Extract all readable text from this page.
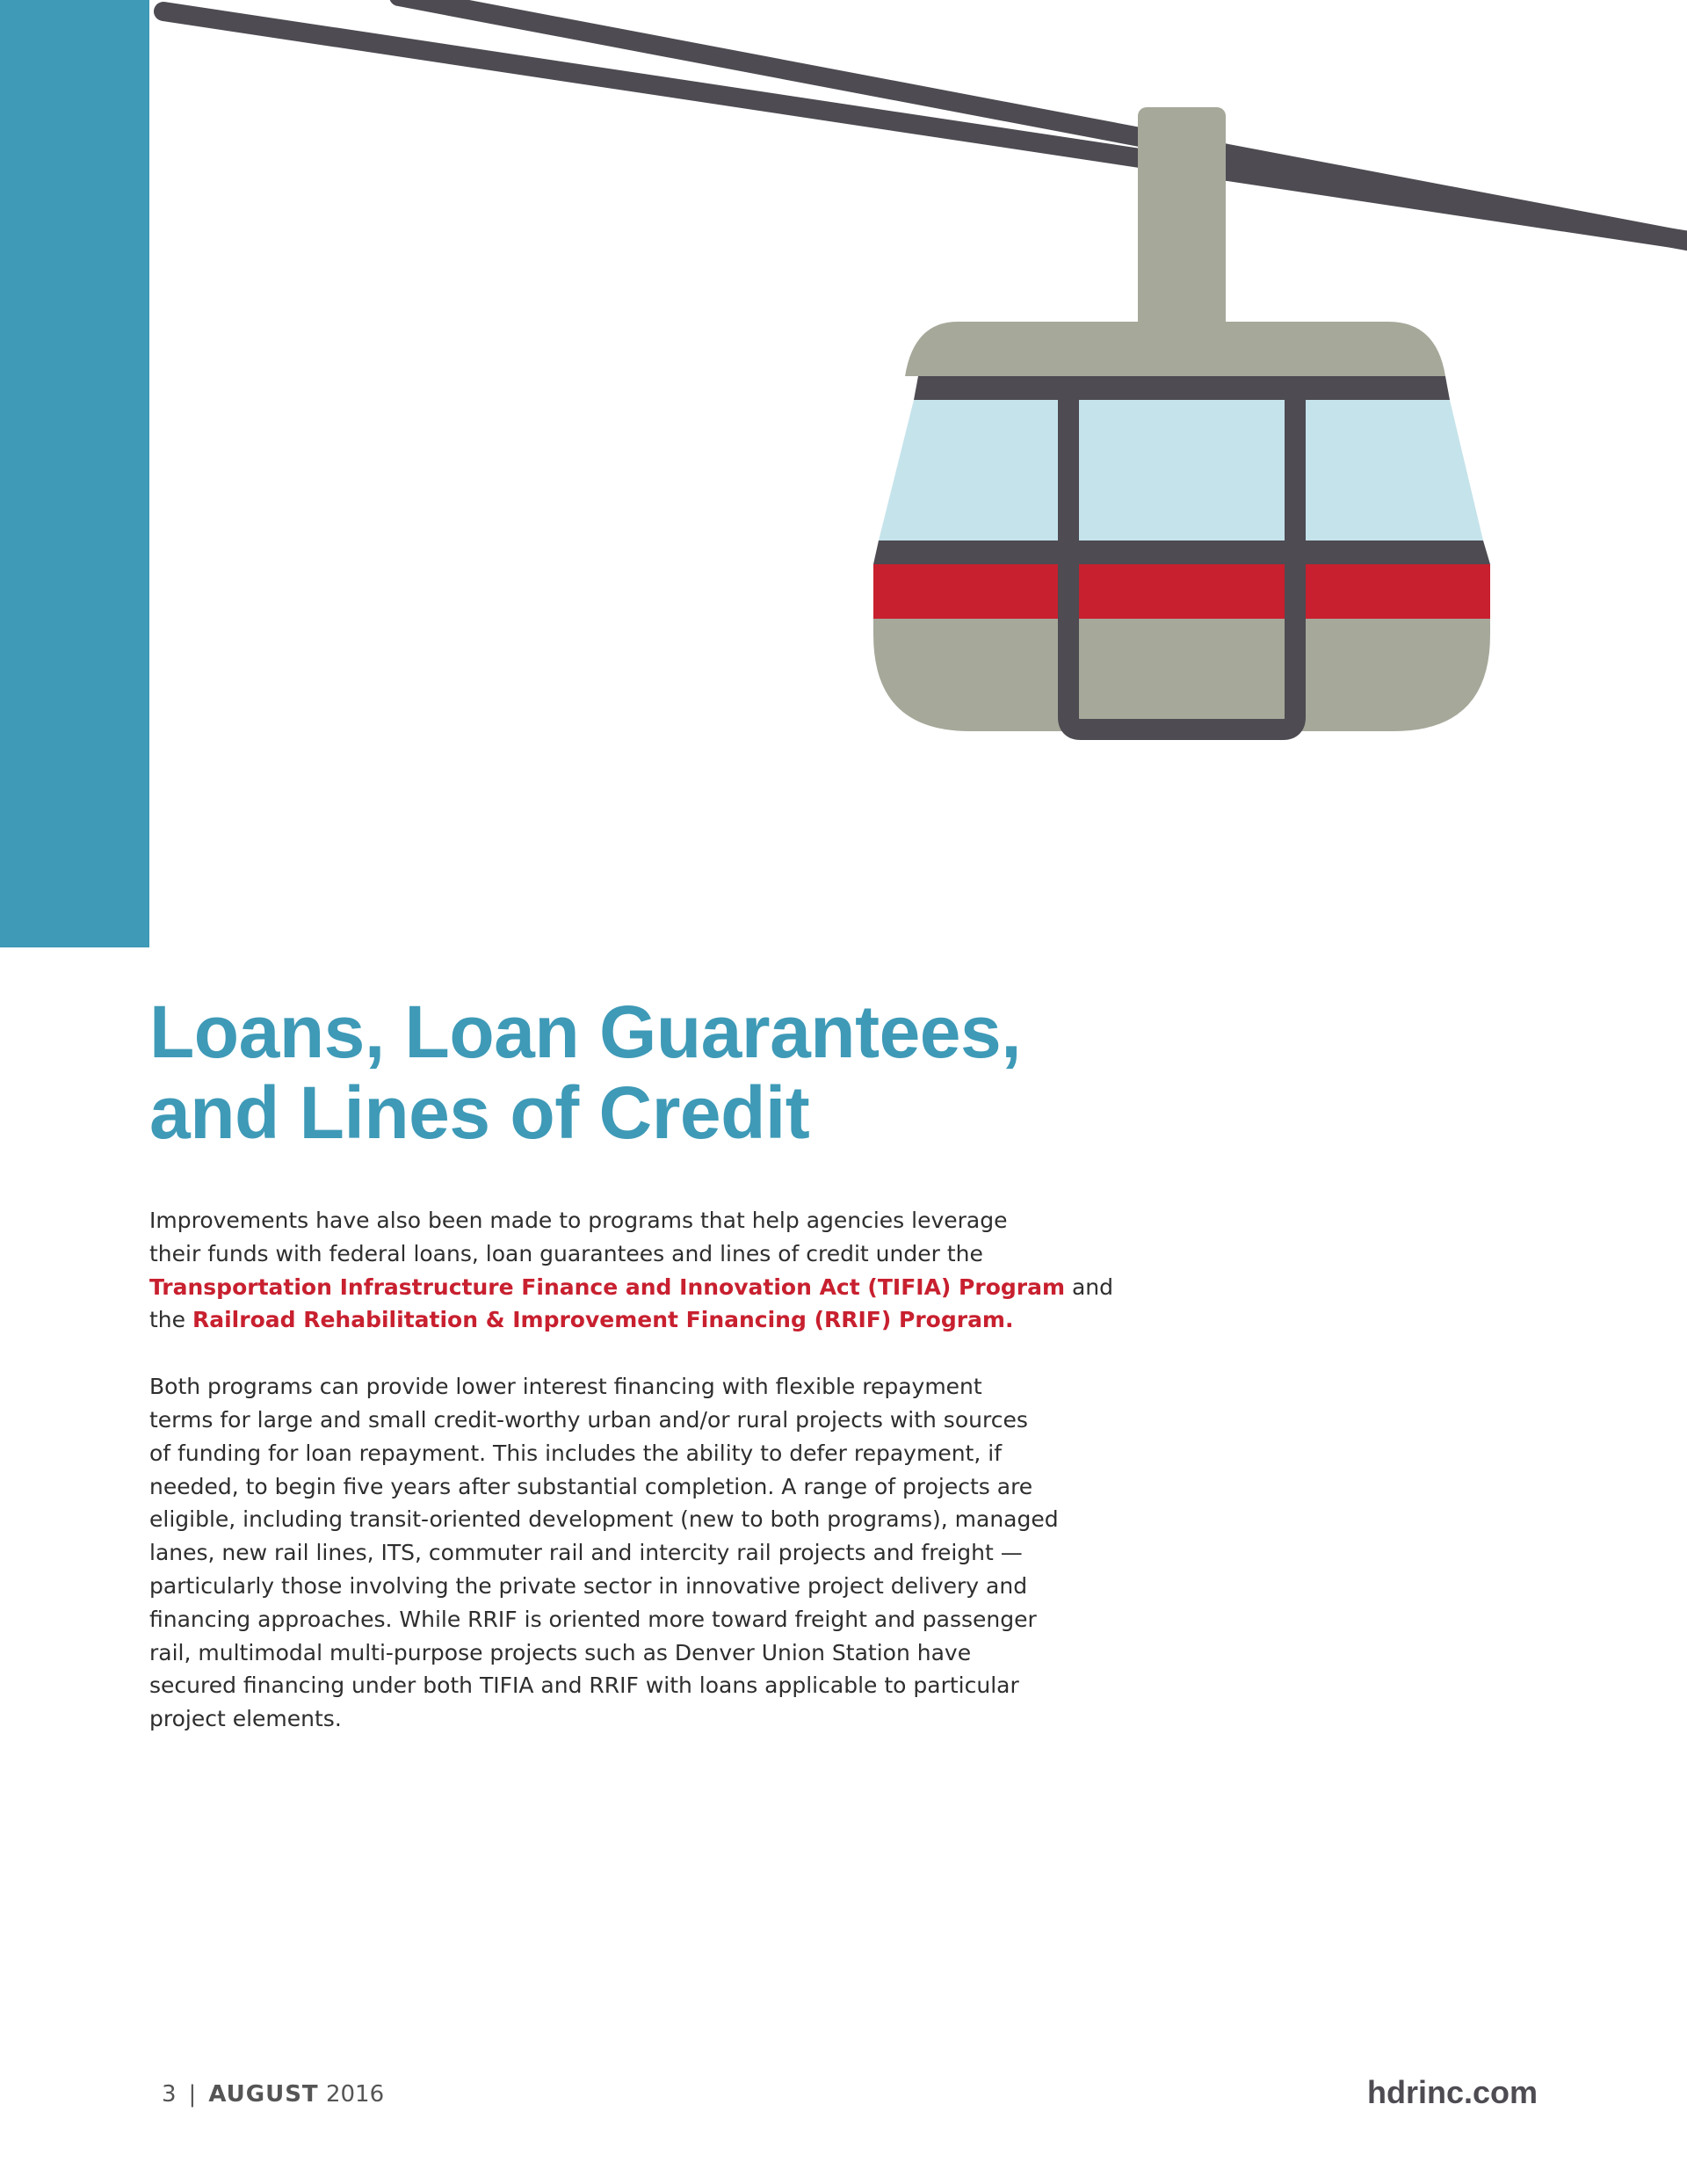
Loans, Loan Guarantees,
and Lines of Credit

Improvements have also been made to programs that help agencies leverage
their funds with federal loans, loan guarantees and lines of credit under the
Transportation Infrastructure Finance and Innovation Act (TIFIA) Program and
the Railroad Rehabilitation & Improvement Financing (RRIF) Program.

Both programs can provide lower interest financing with flexible repayment
terms for large and small credit-worthy urban and/or rural projects with sources
of funding for loan repayment. This includes the ability to defer repayment, if
needed, to begin five years after substantial completion. A range of projects are
eligible, including transit-oriented development (new to both programs), managed
lanes, new rail lines, ITS, commuter rail and intercity rail projects and freight —
particularly those involving the private sector in innovative project delivery and
financing approaches. While RRIF is oriented more toward freight and passenger
rail, multimodal multi-purpose projects such as Denver Union Station have
secured financing under both TIFIA and RRIF with loans applicable to particular
project elements.

3 | AUGUST 2016	hdrinc.com
